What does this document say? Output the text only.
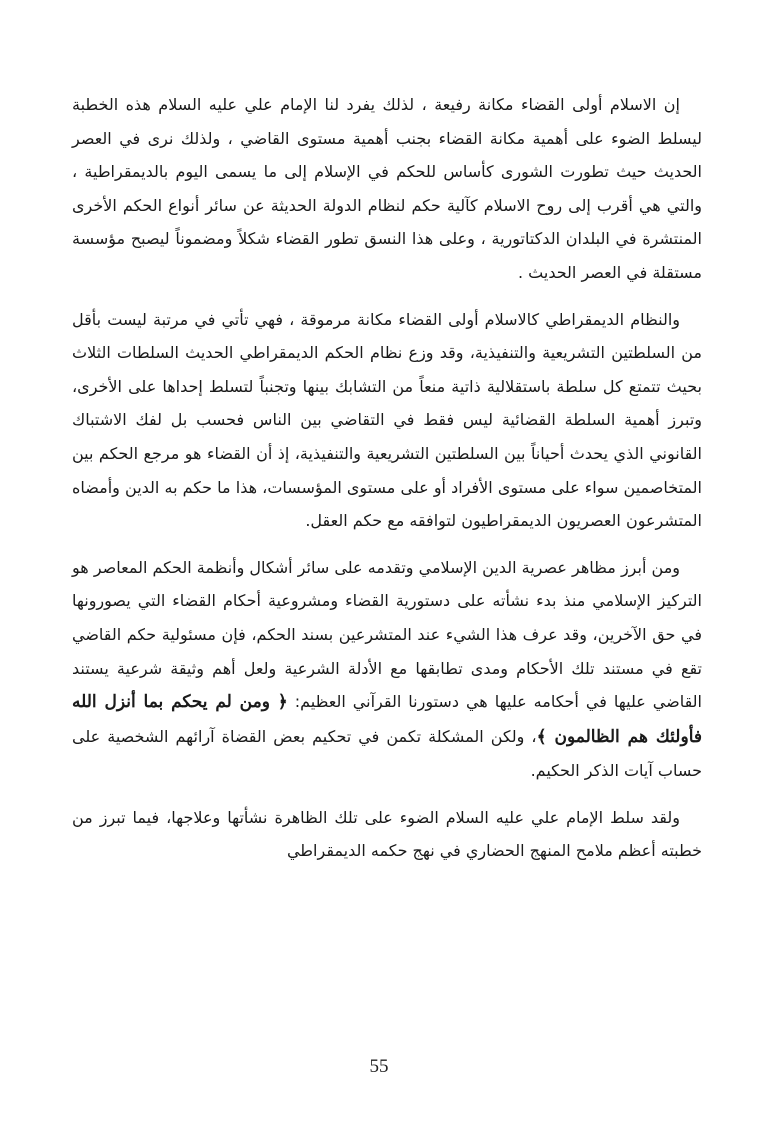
إن الاسلام أولى القضاء مكانة رفيعة ، لذلك يفرد لنا الإمام علي عليه السلام هذه الخطبة ليسلط الضوء على أهمية مكانة القضاء بجنب أهمية مستوى القاضي ، ولذلك نرى في العصر الحديث حيث تطورت الشورى كأساس للحكم في الإسلام إلى ما يسمى اليوم بالديمقراطية ، والتي هي أقرب إلى روح الاسلام كآلية حكم لنظام الدولة الحديثة عن سائر أنواع الحكم الأخرى المنتشرة في البلدان الدكتاتورية ، وعلى هذا النسق تطور القضاء شكلاً ومضموناً ليصبح مؤسسة مستقلة في العصر الحديث .

والنظام الديمقراطي كالاسلام أولى القضاء مكانة مرموقة ، فهي تأتي في مرتبة ليست بأقل من السلطتين التشريعية والتنفيذية، وقد وزع نظام الحكم الديمقراطي الحديث السلطات الثلاث بحيث تتمتع كل سلطة باستقلالية ذاتية منعاً من التشابك بينها وتجنباً لتسلط إحداها على الأخرى، وتبرز أهمية السلطة القضائية ليس فقط في التقاضي بين الناس فحسب بل لفك الاشتباك القانوني الذي يحدث أحياناً بين السلطتين التشريعية والتنفيذية، إذ أن القضاء هو مرجع الحكم بين المتخاصمين سواء على مستوى الأفراد أو على مستوى المؤسسات، هذا ما حكم به الدين وأمضاه المتشرعون العصريون الديمقراطيون لتوافقه مع حكم العقل.

ومن أبرز مظاهر عصرية الدين الإسلامي وتقدمه على سائر أشكال وأنظمة الحكم المعاصر هو التركيز الإسلامي منذ بدء نشأته على دستورية القضاء ومشروعية أحكام القضاء التي يصورونها في حق الآخرين، وقد عرف هذا الشيء عند المتشرعين بسند الحكم، فإن مسئولية حكم القاضي تقع في مستند تلك الأحكام ومدى تطابقها مع الأدلة الشرعية ولعل أهم وثيقة شرعية يستند القاضي عليها في أحكامه عليها هي دستورنا القرآني العظيم: ﴿ ومن لم يحكم بما أنزل الله فأولئك هم الظالمون ﴾، ولكن المشكلة تكمن في تحكيم بعض القضاة آرائهم الشخصية على حساب آيات الذكر الحكيم.

ولقد سلط الإمام علي عليه السلام الضوء على تلك الظاهرة نشأتها وعلاجها، فيما تبرز من خطبته أعظم ملامح المنهج الحضاري في نهج حكمه الديمقراطي

55
